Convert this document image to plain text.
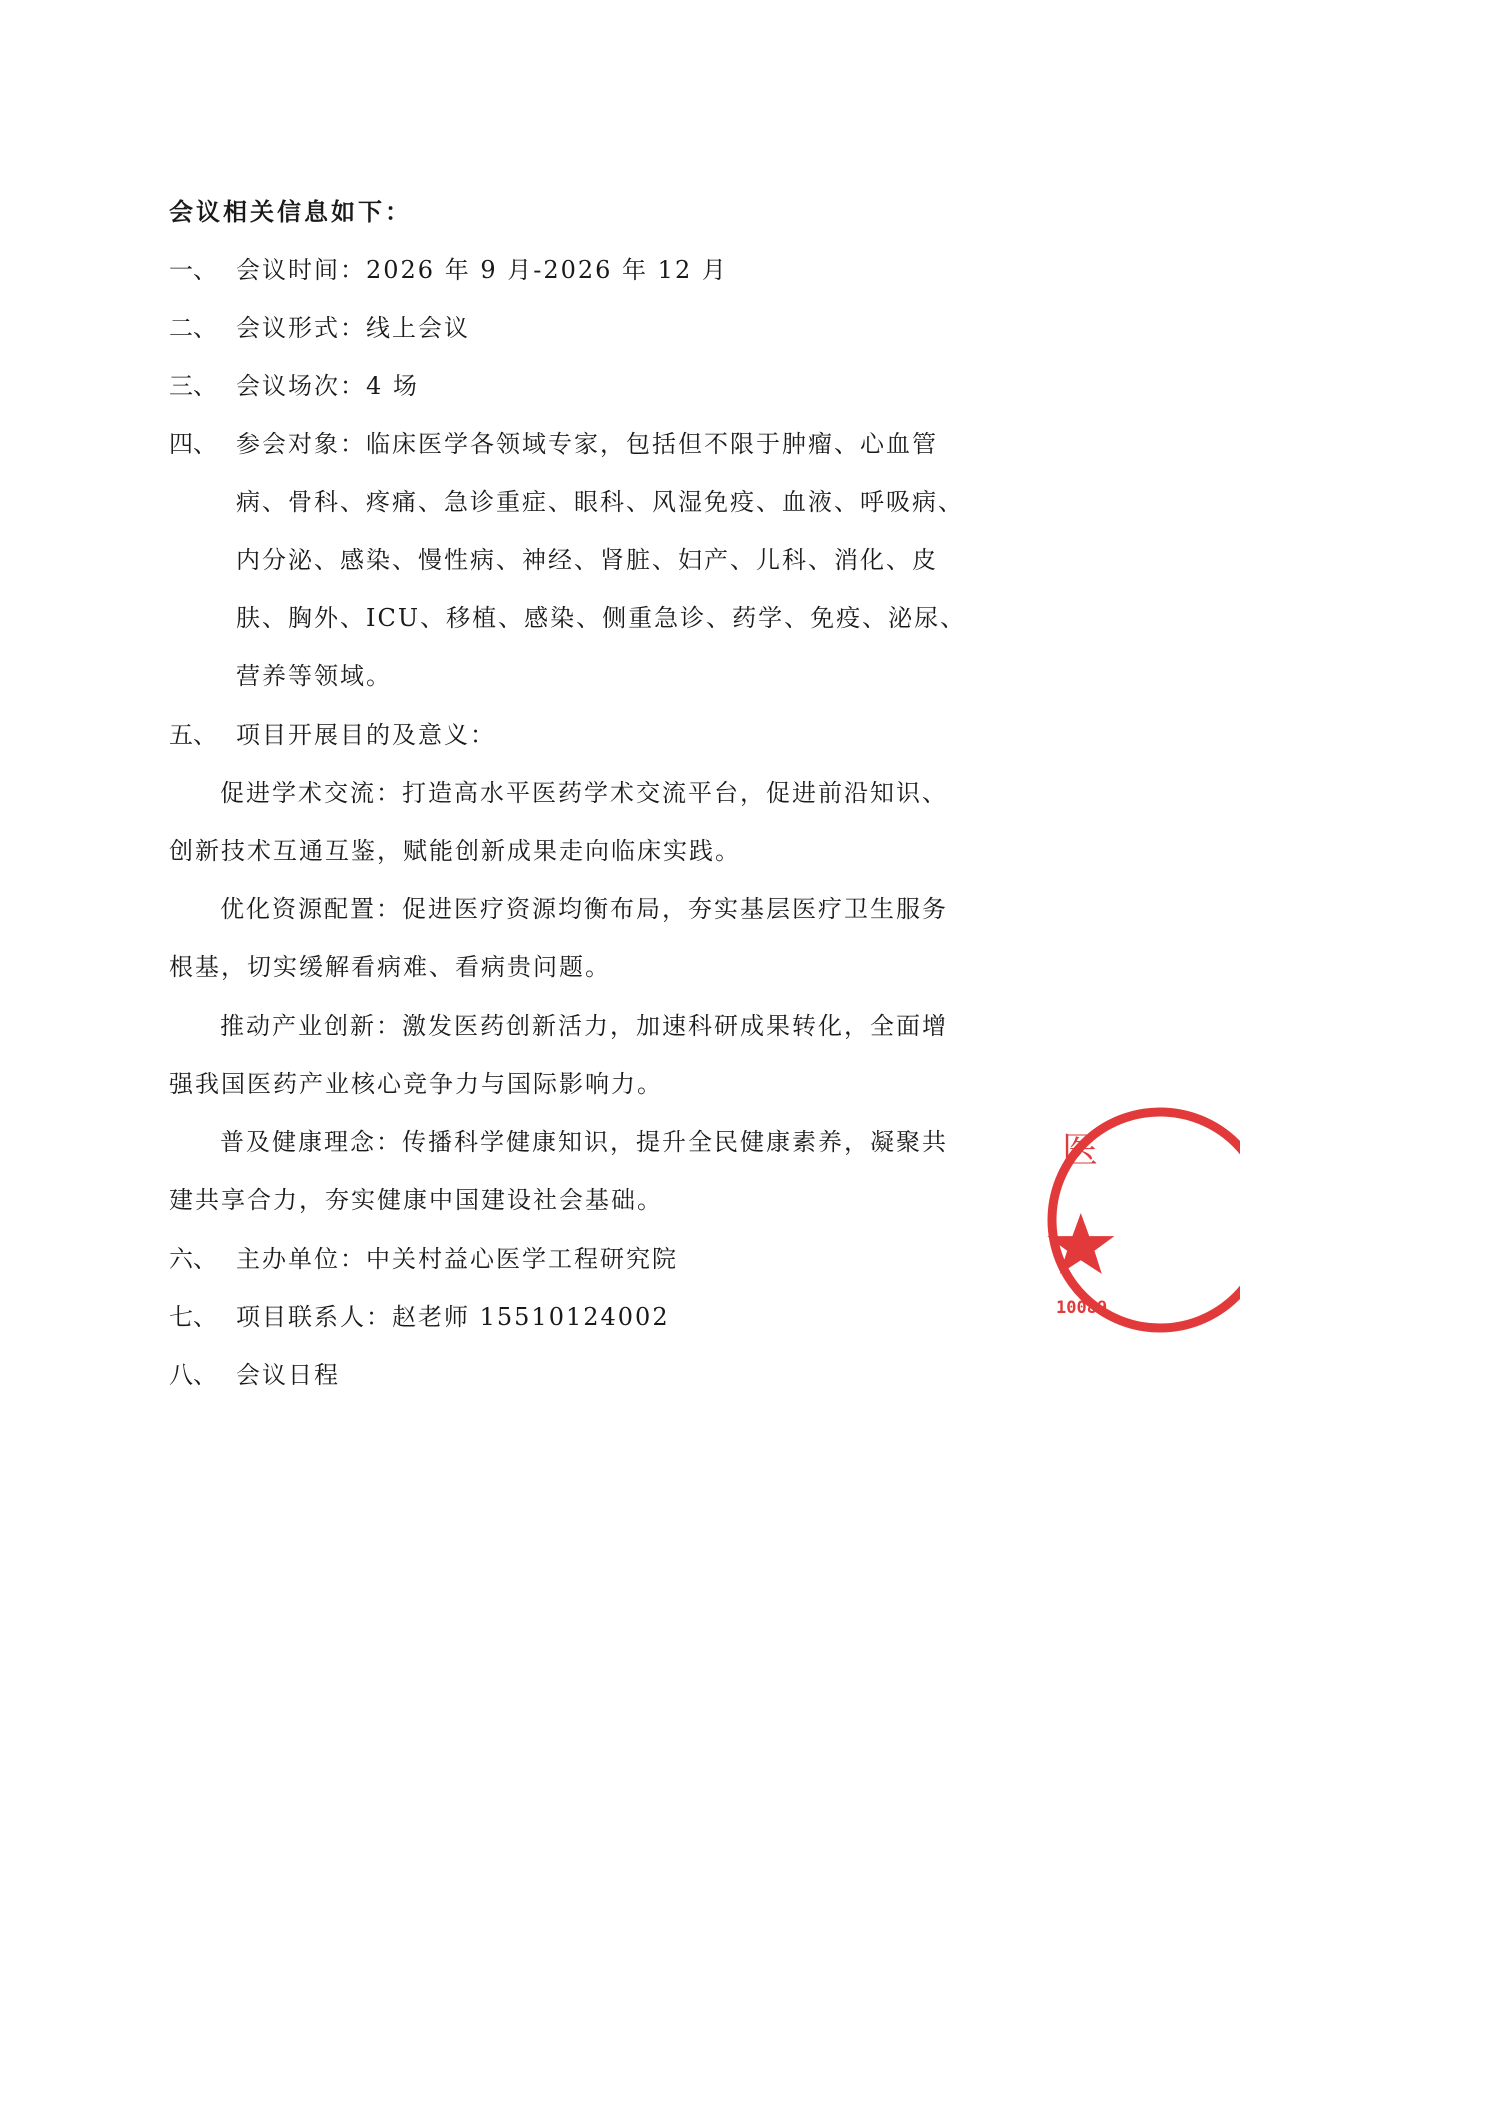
会议相关信息如下：
一、 会议时间：2026 年 9 月-2026 年 12 月
二、 会议形式：线上会议
三、 会议场次：4 场
四、 参会对象：临床医学各领域专家，包括但不限于肿瘤、心血管
病、骨科、疼痛、急诊重症、眼科、风湿免疫、血液、呼吸病、
内分泌、感染、慢性病、神经、肾脏、妇产、儿科、消化、皮
肤、胸外、ICU、移植、感染、侧重急诊、药学、免疫、泌尿、
营养等领域。
五、 项目开展目的及意义：
促进学术交流：打造高水平医药学术交流平台，促进前沿知识、
创新技术互通互鉴，赋能创新成果走向临床实践。
优化资源配置：促进医疗资源均衡布局，夯实基层医疗卫生服务
根基，切实缓解看病难、看病贵问题。
推动产业创新：激发医药创新活力，加速科研成果转化，全面增
强我国医药产业核心竞争力与国际影响力。
普及健康理念：传播科学健康知识，提升全民健康素养，凝聚共
建共享合力，夯实健康中国建设社会基础。
六、 主办单位：中关村益心医学工程研究院
七、 项目联系人：赵老师 15510124002
八、 会议日程
医
10089
